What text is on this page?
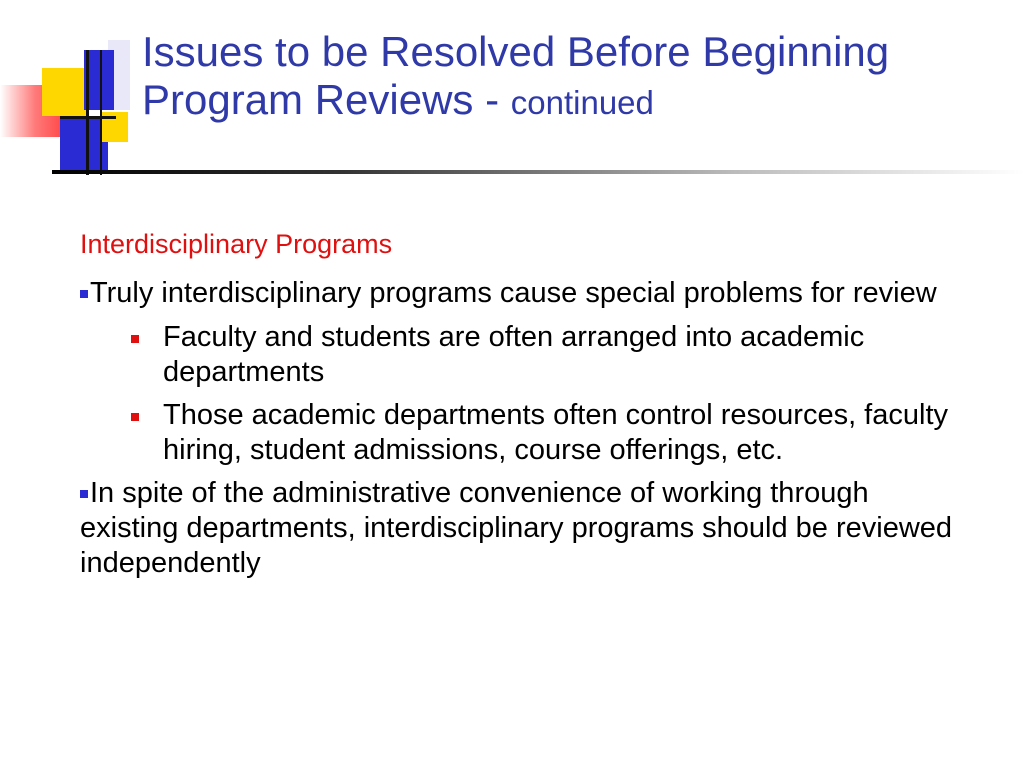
Issues to be Resolved Before Beginning Program Reviews - continued
Interdisciplinary Programs
Truly interdisciplinary programs cause special problems for review
Faculty and students are often arranged into academic departments
Those academic departments often control resources, faculty hiring, student admissions, course offerings, etc.
In spite of the administrative convenience of working through existing departments, interdisciplinary programs should be reviewed independently
